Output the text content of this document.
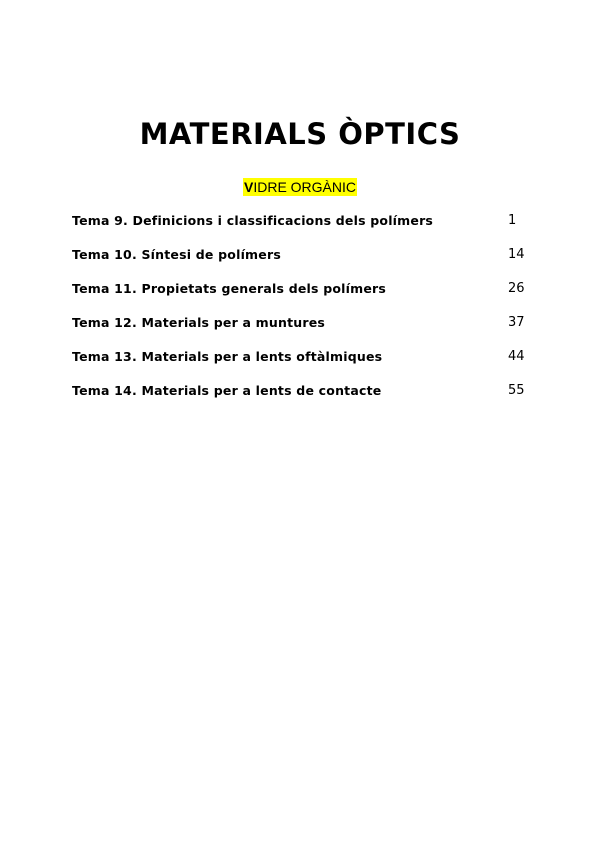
MATERIALS ÒPTICS
VIDRE ORGÀNIC
Tema 9. Definicions i classificacions dels polímers	1
Tema 10. Síntesi de polímers	14
Tema 11. Propietats generals dels polímers	26
Tema 12. Materials per a muntures	37
Tema 13. Materials per a lents oftàlmiques	44
Tema 14. Materials per a lents de contacte	55
